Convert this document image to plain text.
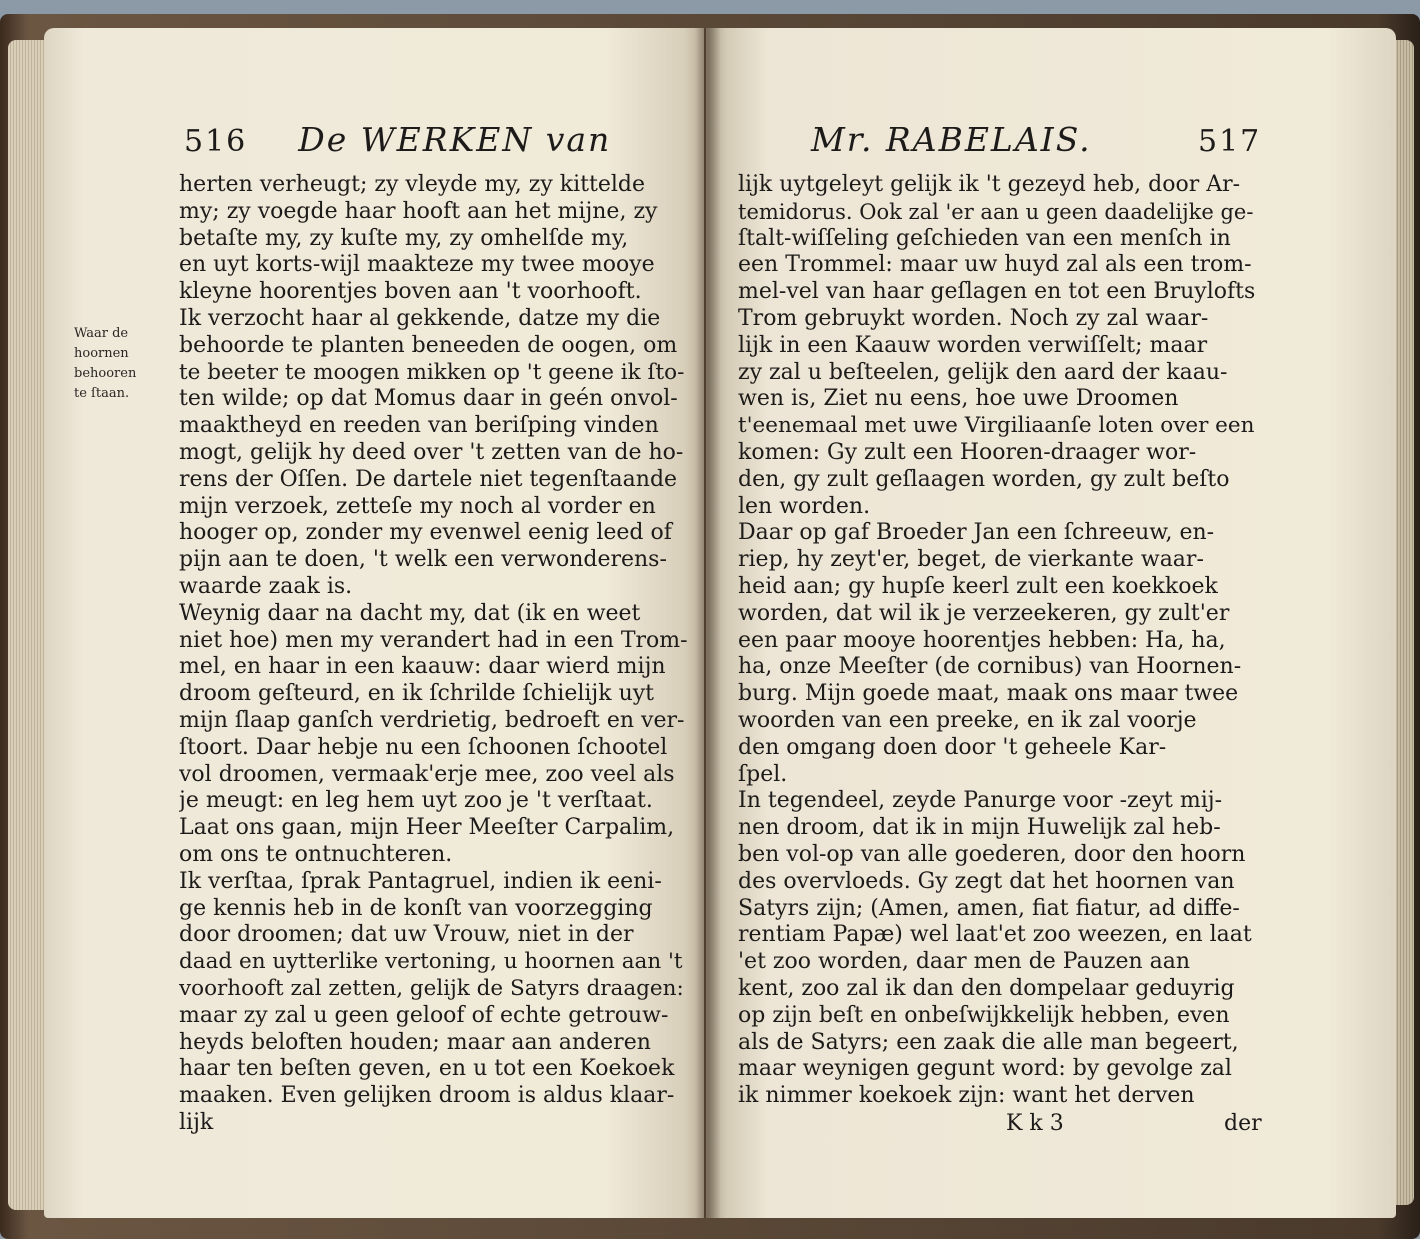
516 De WERKEN van
Waar de
hoornen
behooren
te ſtaan.
herten verheugt; zy vleyde my, zy kittelde
my; zy voegde haar hooft aan het mijne, zy
betaſte my, zy kuſte my, zy omhelſde my,
en uyt korts-wijl maakteze my twee mooye
kleyne hoorentjes boven aan 't voorhooft.
Ik verzocht haar al gekkende, datze my die
behoorde te planten beneeden de oogen, om
te beeter te moogen mikken op 't geene ik ſto-
ten wilde; op dat Momus daar in geén onvol-
maaktheyd en reeden van beriſping vinden
mogt, gelijk hy deed over 't zetten van de ho-
rens der Oſſen. De dartele niet tegenſtaande
mijn verzoek, zetteſe my noch al vorder en
hooger op, zonder my evenwel eenig leed of
pijn aan te doen, 't welk een verwonderens-
waarde zaak is.
Weynig daar na dacht my, dat (ik en weet
niet hoe) men my verandert had in een Trom-
mel, en haar in een kaauw: daar wierd mijn
droom geſteurd, en ik ſchrilde ſchielijk uyt
mijn ſlaap ganſch verdrietig, bedroeft en ver-
ſtoort. Daar hebje nu een ſchoonen ſchootel
vol droomen, vermaak'erje mee, zoo veel als
je meugt: en leg hem uyt zoo je 't verſtaat.
Laat ons gaan, mijn Heer Meeſter Carpalim,
om ons te ontnuchteren.
Ik verſtaa, ſprak Pantagruel, indien ik eeni-
ge kennis heb in de konſt van voorzegging
door droomen; dat uw Vrouw, niet in der
daad en uytterlike vertoning, u hoornen aan 't
voorhooft zal zetten, gelijk de Satyrs draagen:
maar zy zal u geen geloof of echte getrouw-
heyds beloften houden; maar aan anderen
haar ten beſten geven, en u tot een Koekoek
maaken. Even gelijken droom is aldus klaar-
lijk
Mr. RABELAIS.	517
lijk uytgeleyt gelijk ik 't gezeyd heb, door Ar-
temidorus. Ook zal 'er aan u geen daadelijke ge-
ſtalt-wiſſeling geſchieden van een menſch in
een Trommel: maar uw huyd zal als een trom-
mel-vel van haar geſlagen en tot een Bruylofts
Trom gebruykt worden. Noch zy zal waar-
lijk in een Kaauw worden verwiſſelt; maar
zy zal u beſteelen, gelijk den aard der kaau-
wen is, Ziet nu eens, hoe uwe Droomen
t'eenemaal met uwe Virgiliaanſe loten over een
komen: Gy zult een Hooren-draager wor-
den, gy zult geſlaagen worden, gy zult beſto
len worden.
Daar op gaf Broeder Jan een ſchreeuw, en-
riep, hy zeyt'er, beget, de vierkante waar-
heid aan; gy hupſe keerl zult een koekkoek
worden, dat wil ik je verzeekeren, gy zult'er
een paar mooye hoorentjes hebben: Ha, ha,
ha, onze Meeſter (de cornibus) van Hoornen-
burg. Mijn goede maat, maak ons maar twee
woorden van een preeke, en ik zal voorje
den omgang doen door 't geheele Kar-
ſpel.
In tegendeel, zeyde Panurge voor -zeyt mij-
nen droom, dat ik in mijn Huwelijk zal heb-
ben vol-op van alle goederen, door den hoorn
des overvloeds. Gy zegt dat het hoornen van
Satyrs zijn; (Amen, amen, fiat fiatur, ad diffe-
rentiam Papæ) wel laat'et zoo weezen, en laat
'et zoo worden, daar men de Pauzen aan
kent, zoo zal ik dan den dompelaar geduyrig
op zijn beſt en onbeſwijkkelijk hebben, even
als de Satyrs; een zaak die alle man begeert,
maar weynigen gegunt word: by gevolge zal
ik nimmer koekoek zijn: want het derven
K k 3	der
